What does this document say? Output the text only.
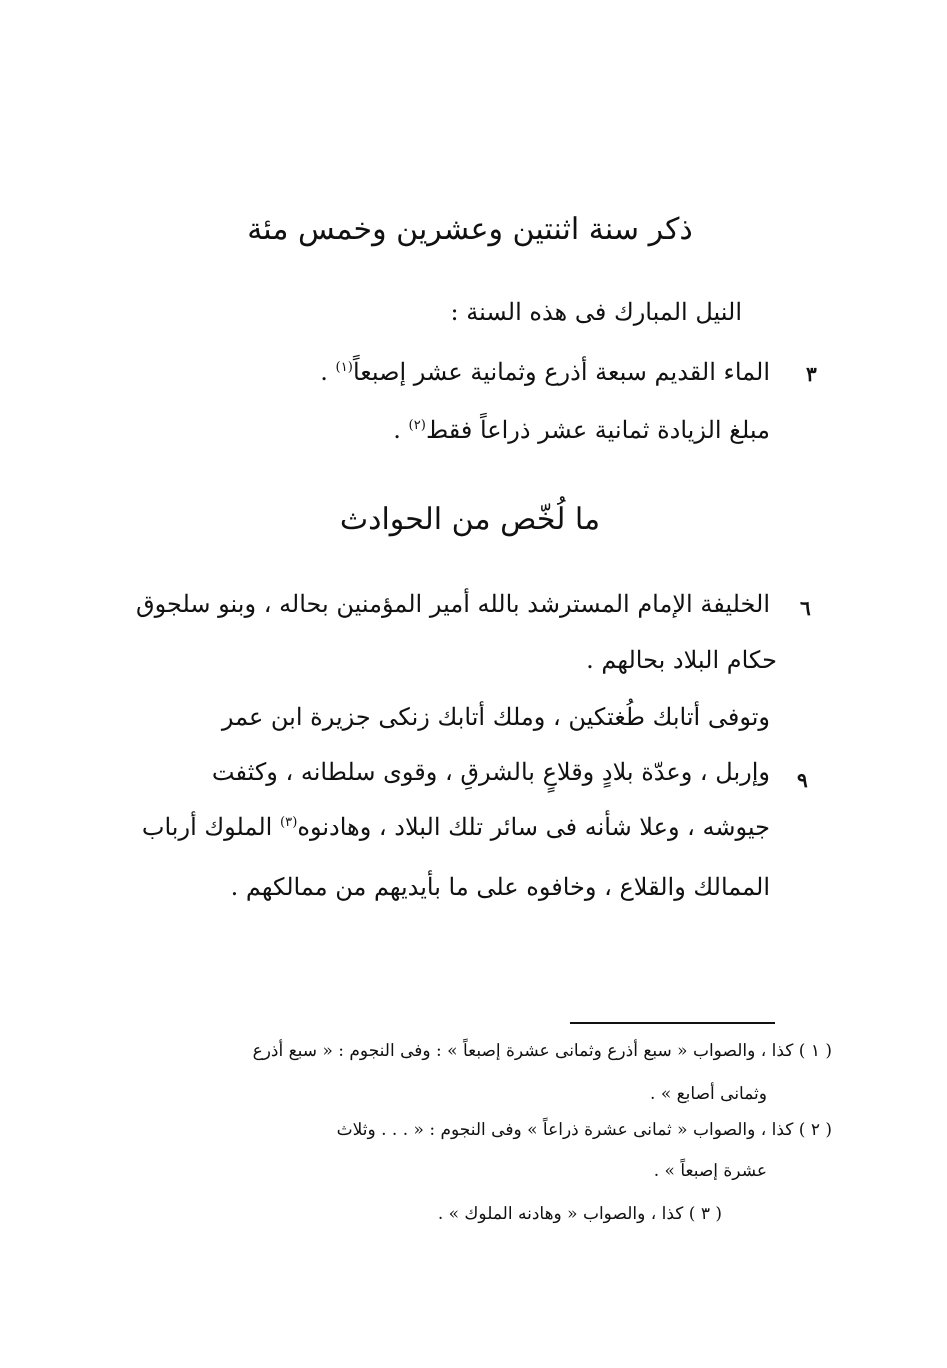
ذكر سنة اثنتين وعشرين وخمس مئة
النيل المبارك فى هذه السنة :
الماء القديم سبعة أذرع وثمانية عشر إصبعاً$^{(١)}$ .
مبلغ الزيادة ثمانية عشر ذراعاً فقط$^{(٢)}$ .
ما لُخّص من الحوادث
الخليفة الإمام المسترشد بالله أمير المؤمنين بحاله ، وبنو سلجوق
حكام البلاد بحالهم .
وتوفى أتابك طُغتكين ، وملك أتابك زنكى جزيرة ابن عمر
وإربل ، وعدّة بلادٍ وقلاعٍ بالشرقِ ، وقوى سلطانه ، وكثفت
جيوشه ، وعلا شأنه فى سائر تلك البلاد ، وهادنوه$^{(٣)}$ الملوك أرباب
الممالك والقلاع ، وخافوه على ما بأيديهم من ممالكهم .
٣
٦
٩
( ١ ) كذا ، والصواب « سبع أذرع وثمانى عشرة إصبعاً » : وفى النجوم : « سبع أذرع
وثمانى أصابع » .
( ٢ ) كذا ، والصواب « ثمانى عشرة ذراعاً » وفى النجوم : « . . . وثلاث
عشرة إصبعاً » .
( ٣ ) كذا ، والصواب « وهادنه الملوك » .
